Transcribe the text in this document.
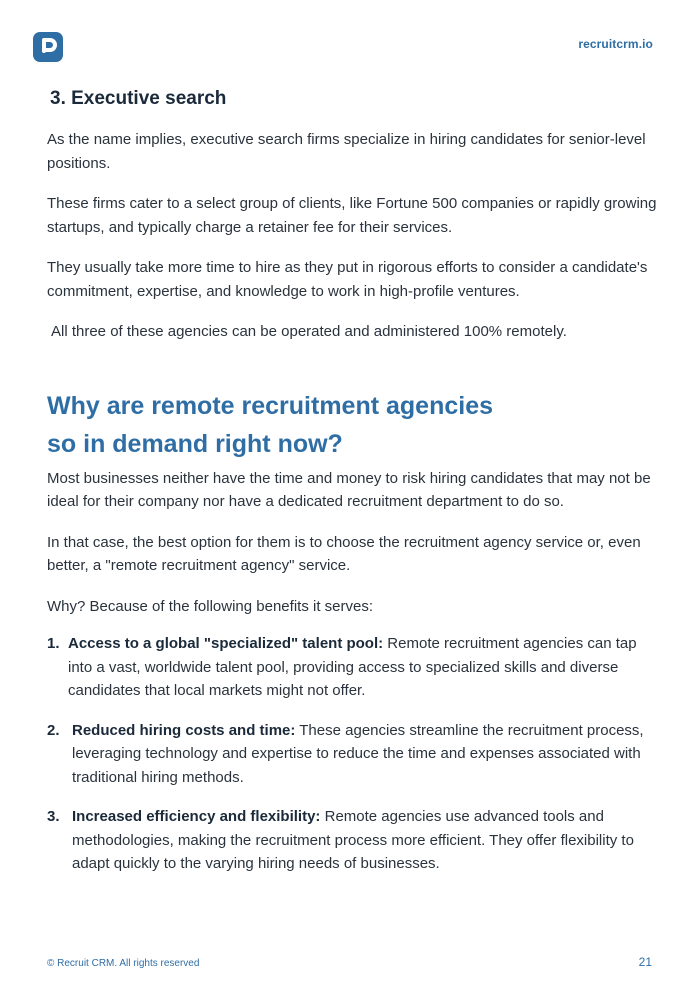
recruitcrm.io
3. Executive search

As the name implies, executive search firms specialize in hiring candidates for senior-level positions.

These firms cater to a select group of clients, like Fortune 500 companies or rapidly growing startups, and typically charge a retainer fee for their services.

They usually take more time to hire as they put in rigorous efforts to consider a candidate's commitment, expertise, and knowledge to work in high-profile ventures.

All three of these agencies can be operated and administered 100% remotely.

Why are remote recruitment agencies
so in demand right now?

Most businesses neither have the time and money to risk hiring candidates that may not be ideal for their company nor have a dedicated recruitment department to do so.

In that case, the best option for them is to choose the recruitment agency service or, even better, a "remote recruitment agency" service.

Why? Because of the following benefits it serves:

1. Access to a global "specialized" talent pool: Remote recruitment agencies can tap into a vast, worldwide talent pool, providing access to specialized skills and diverse candidates that local markets might not offer.
2. Reduced hiring costs and time: These agencies streamline the recruitment process, leveraging technology and expertise to reduce the time and expenses associated with traditional hiring methods.
3. Increased efficiency and flexibility: Remote agencies use advanced tools and methodologies, making the recruitment process more efficient. They offer flexibility to adapt quickly to the varying hiring needs of businesses.
© Recruit CRM. All rights reserved	21
